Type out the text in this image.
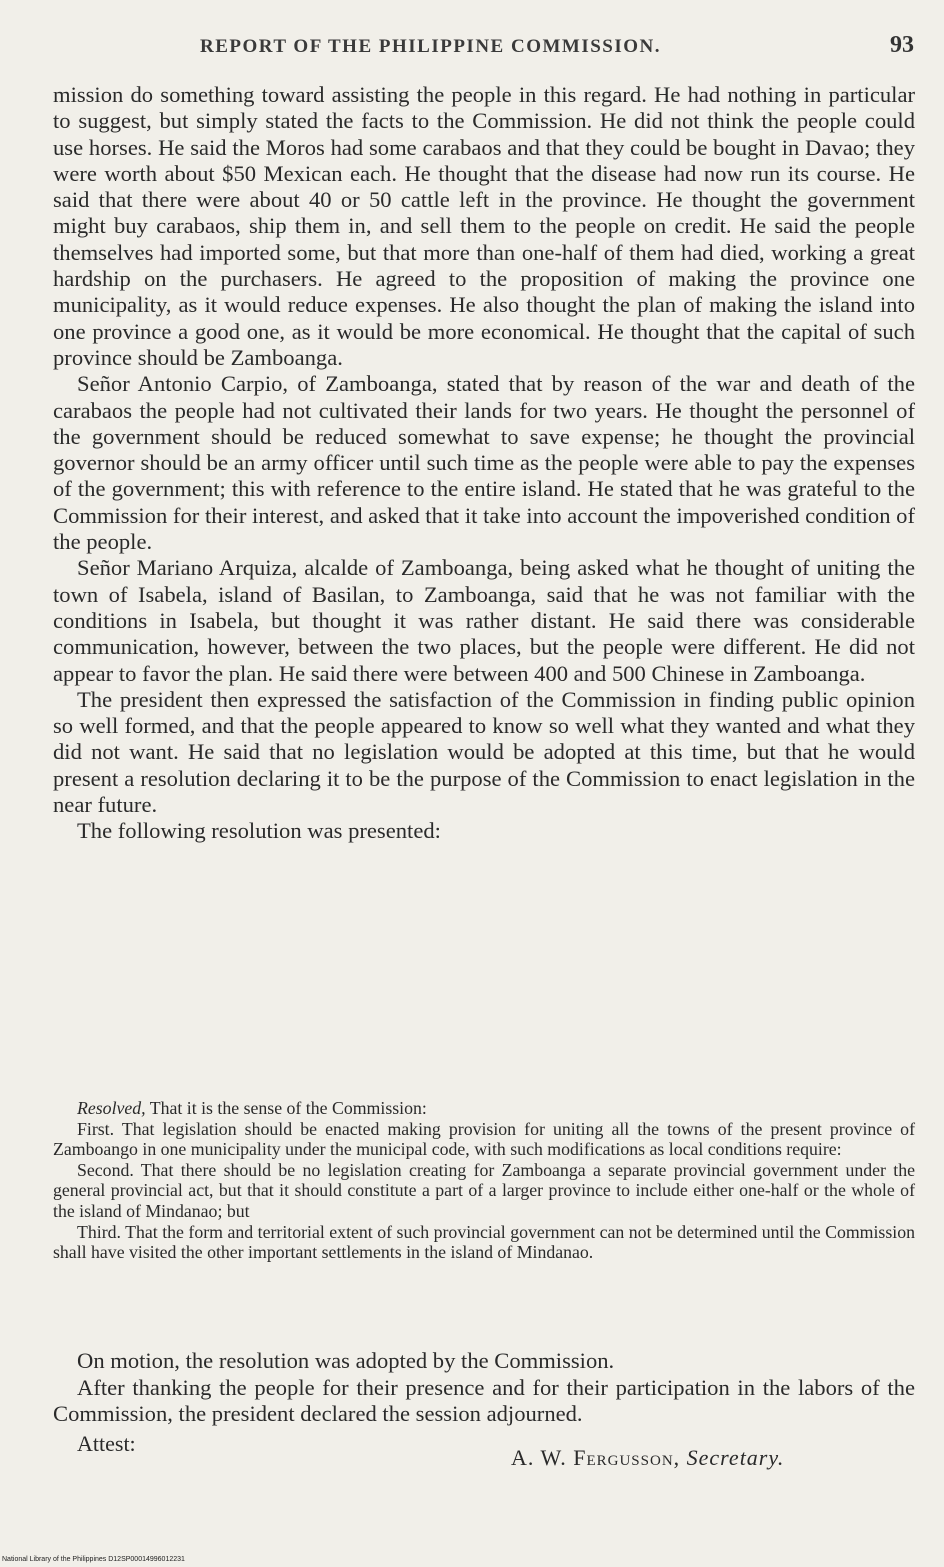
REPORT OF THE PHILIPPINE COMMISSION.	93

mission do something toward assisting the people in this regard. He had nothing in particular to suggest, but simply stated the facts to the Commission. He did not think the people could use horses. He said the Moros had some carabaos and that they could be bought in Davao; they were worth about $50 Mexican each. He thought that the disease had now run its course. He said that there were about 40 or 50 cattle left in the province. He thought the government might buy carabaos, ship them in, and sell them to the people on credit. He said the people themselves had imported some, but that more than one-half of them had died, working a great hardship on the purchasers. He agreed to the proposition of making the province one municipality, as it would reduce expenses. He also thought the plan of making the island into one province a good one, as it would be more economical. He thought that the capital of such province should be Zamboanga.

Señor Antonio Carpio, of Zamboanga, stated that by reason of the war and death of the carabaos the people had not cultivated their lands for two years. He thought the personnel of the government should be reduced somewhat to save expense; he thought the provincial governor should be an army officer until such time as the people were able to pay the expenses of the government; this with reference to the entire island. He stated that he was grateful to the Commission for their interest, and asked that it take into account the impoverished condition of the people.

Señor Mariano Arquiza, alcalde of Zamboanga, being asked what he thought of uniting the town of Isabela, island of Basilan, to Zamboanga, said that he was not familiar with the conditions in Isabela, but thought it was rather distant. He said there was considerable communication, however, between the two places, but the people were different. He did not appear to favor the plan. He said there were between 400 and 500 Chinese in Zamboanga.

The president then expressed the satisfaction of the Commission in finding public opinion so well formed, and that the people appeared to know so well what they wanted and what they did not want. He said that no legislation would be adopted at this time, but that he would present a resolution declaring it to be the purpose of the Commission to enact legislation in the near future.

The following resolution was presented:

Resolved, That it is the sense of the Commission:

First. That legislation should be enacted making provision for uniting all the towns of the present province of Zamboango in one municipality under the municipal code, with such modifications as local conditions require:

Second. That there should be no legislation creating for Zamboanga a separate provincial government under the general provincial act, but that it should constitute a part of a larger province to include either one-half or the whole of the island of Mindanao; but

Third. That the form and territorial extent of such provincial government can not be determined until the Commission shall have visited the other important settlements in the island of Mindanao.

On motion, the resolution was adopted by the Commission.

After thanking the people for their presence and for their participation in the labors of the Commission, the president declared the session adjourned.

Attest:
A. W. Fergusson, Secretary.
National Library of the Philippines D12SP00014996012231
